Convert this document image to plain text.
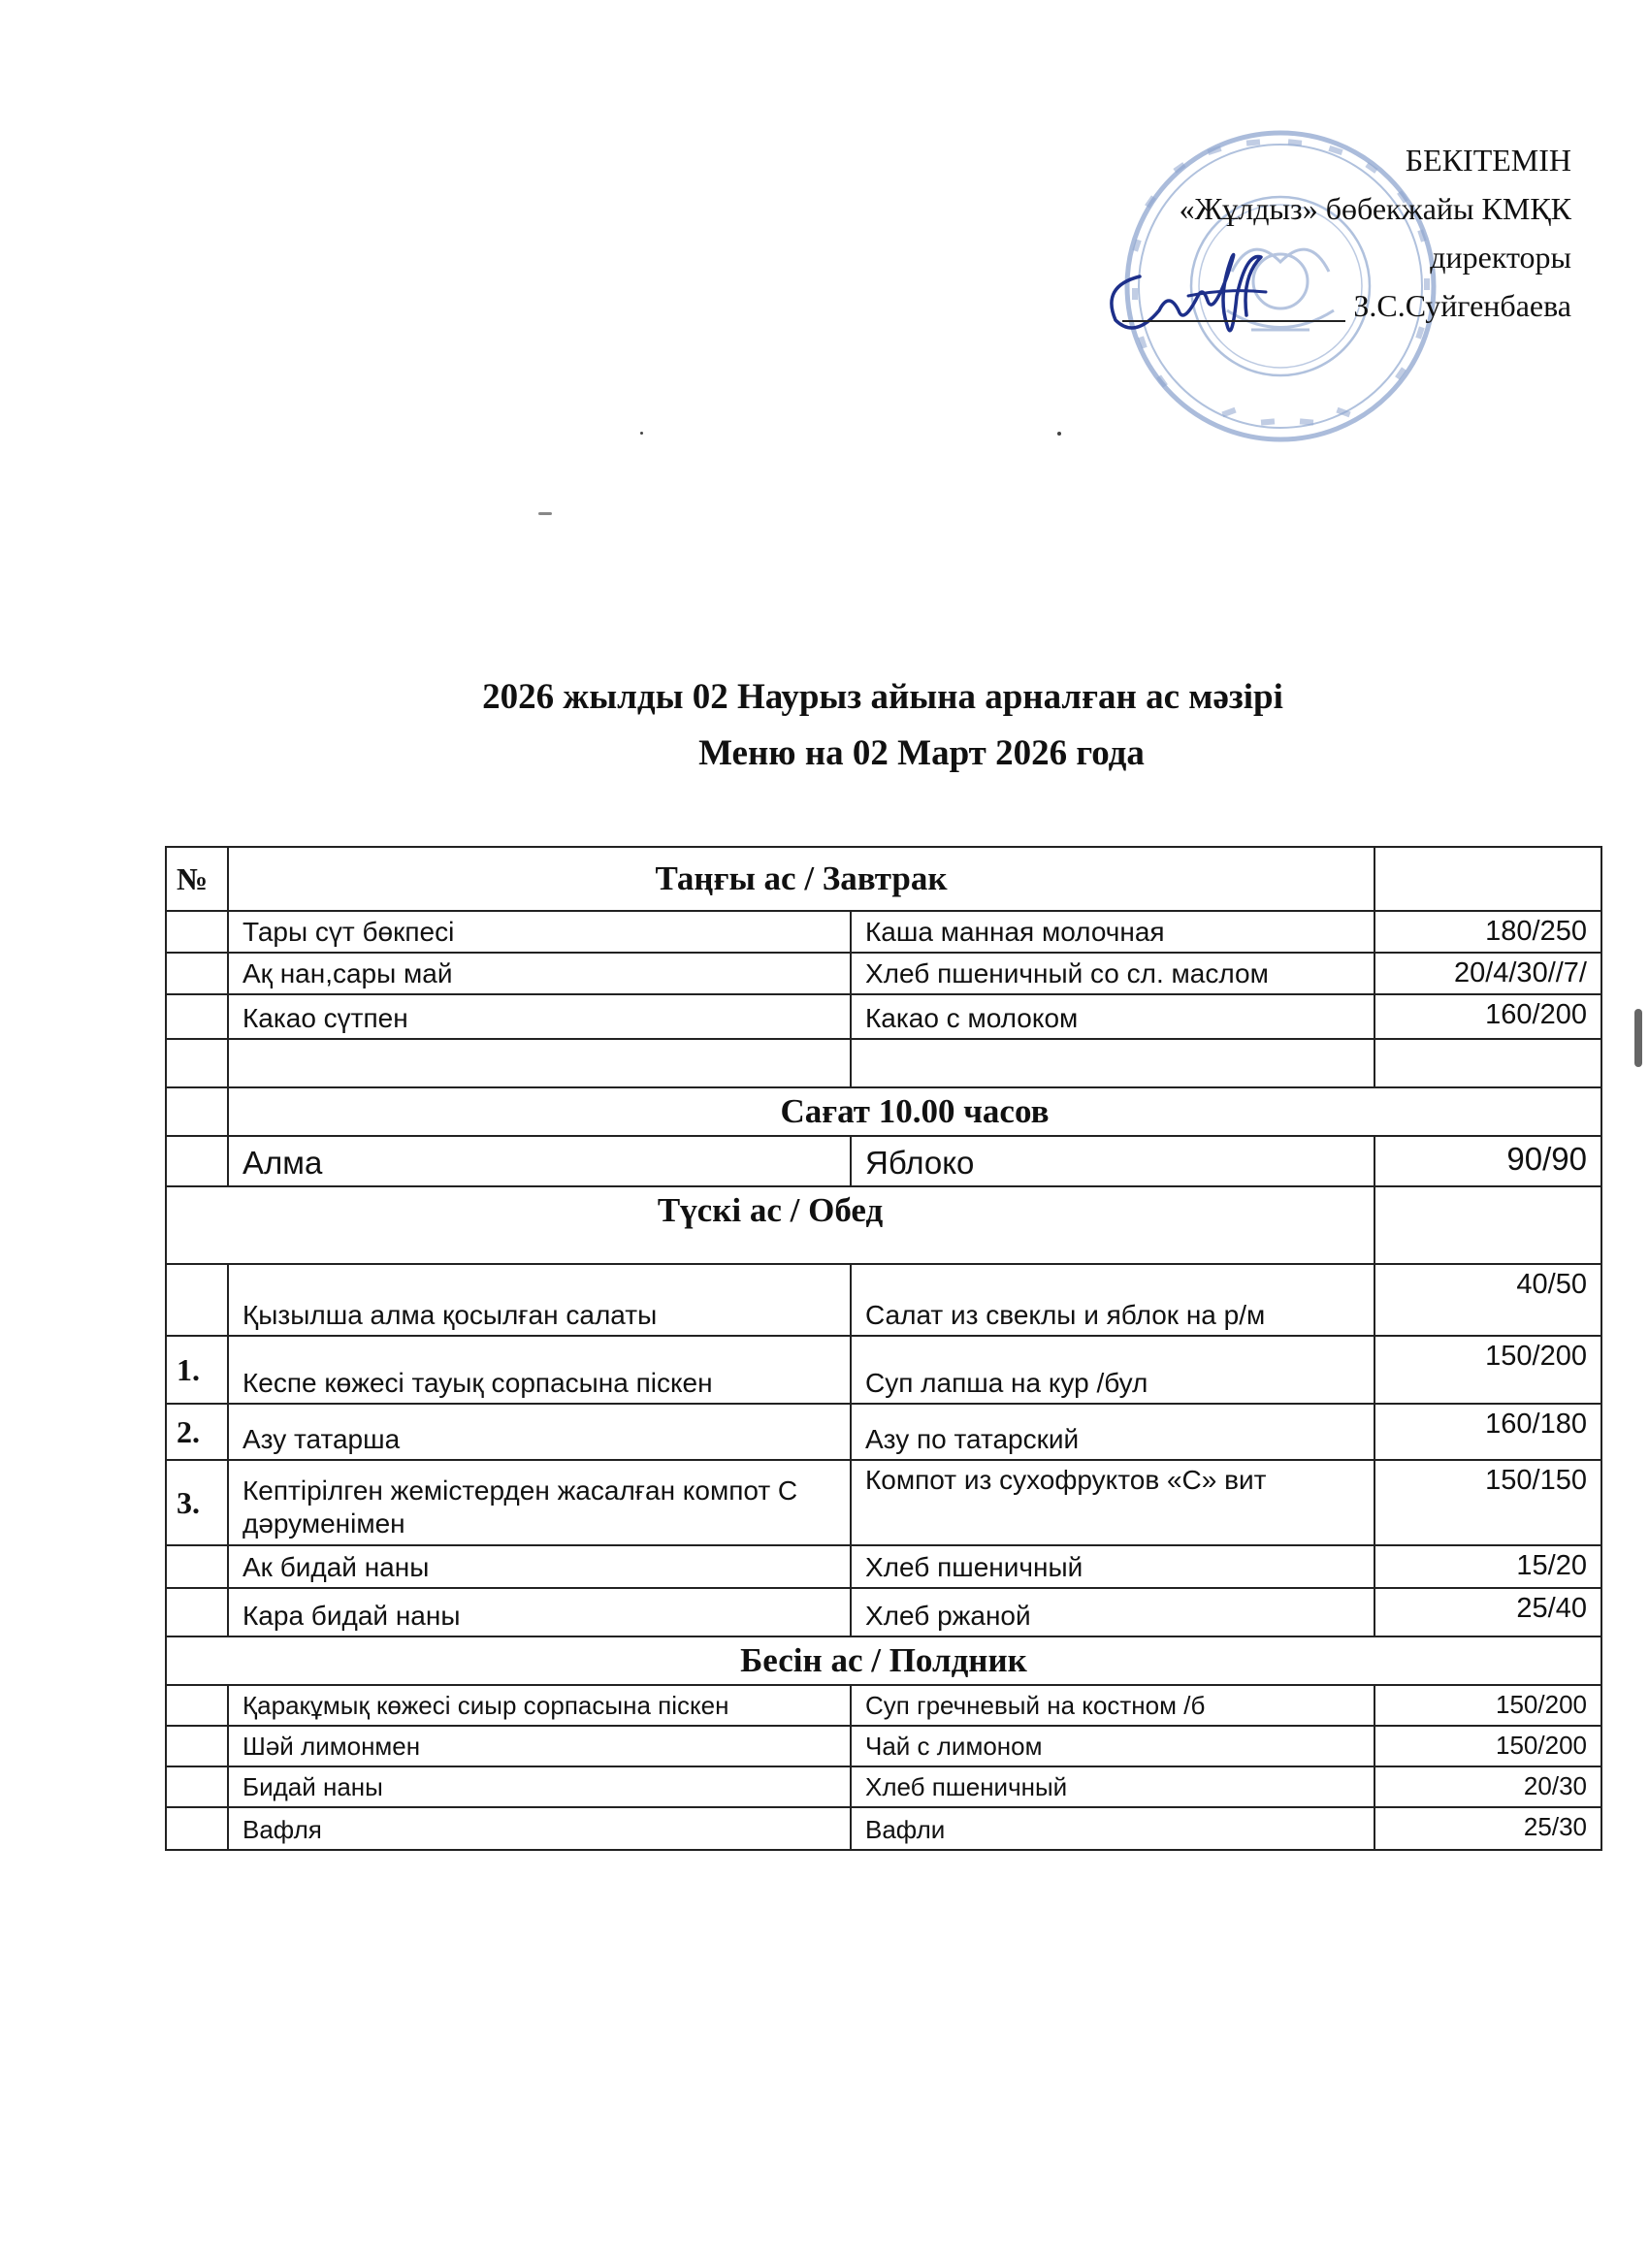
БЕКІТЕМІН
«Жұлдыз» бөбекжайы КМҚК
директоры
З.С.Суйгенбаева
2026 жылды 02 Наурыз айына арналған ас мәзірі
Меню на 02 Март 2026 года
№	Таңғы ас / Завтрак		
	Тары сүт бөкпесі	Каша манная молочная	180/250
	Ақ нан,сары май	Хлеб пшеничный со сл. маслом	20/4/30//7/
	Какао сүтпен	Какао с молоком	160/200

	Сағат 10.00 часов		
	Алма	Яблоко	90/90
Түскі ас / Обед			
	Қызылша алма қосылған салаты	Салат из свеклы и яблок на р/м	40/50
1.	Кеспе көжесі тауық сорпасына піскен	Суп лапша на кур /бул	150/200
2.	Азу татарша	Азу по татарский	160/180
3.	Кептірілген жемістерден жасалған компот С дәруменімен	Компот из сухофруктов «С» вит	150/150
	Ак бидай наны	Хлеб пшеничный	15/20
	Кара бидай наны	Хлеб ржаной	25/40
Бесін ас / Полдник			
	Қаракұмық көжесі сиыр сорпасына піскен	Суп гречневый на костном /б	150/200
	Шәй лимонмен	Чай с лимоном	150/200
	Бидай наны	Хлеб пшеничный	20/30
	Вафля	Вафли	25/30
